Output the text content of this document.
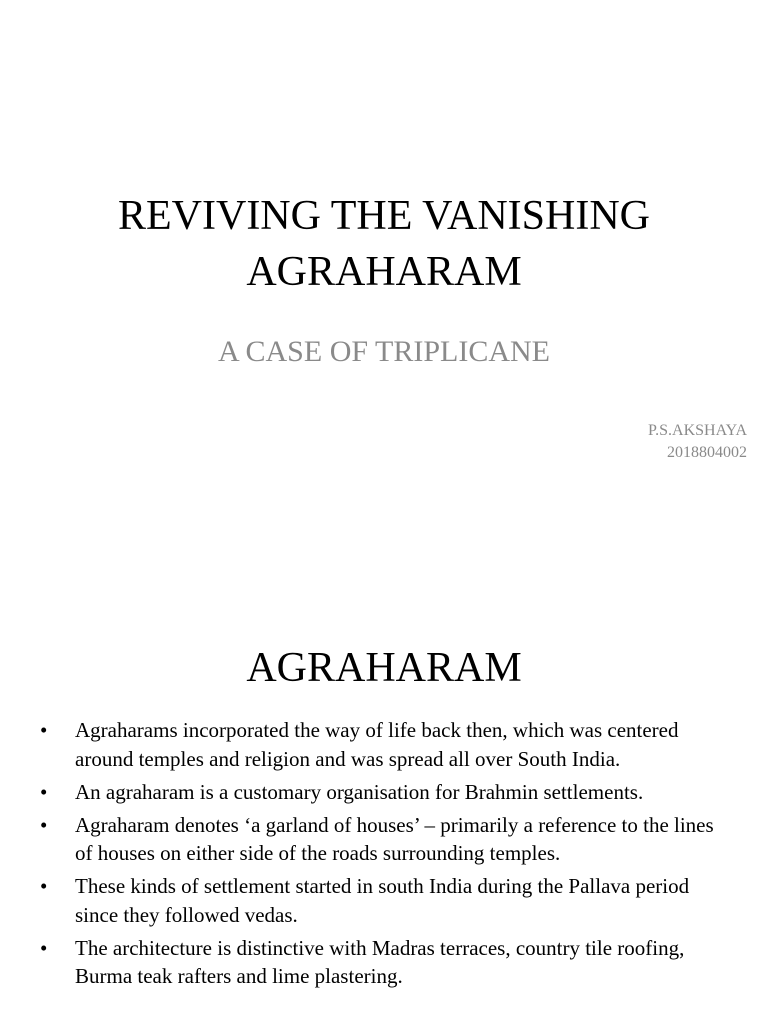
REVIVING THE VANISHING
AGRAHARAM
A CASE OF TRIPLICANE
P.S.AKSHAYA
2018804002
AGRAHARAM
• Agraharams incorporated the way of life back then, which was centered around temples and religion and was spread all over South India.
• An agraharam is a customary organisation for Brahmin settlements.
• Agraharam denotes ‘a garland of houses’ – primarily a reference to the lines of houses on either side of the roads surrounding temples.
• These kinds of settlement started in south India during the Pallava period since they followed vedas.
• The architecture is distinctive with Madras terraces, country tile roofing, Burma teak rafters and lime plastering.
